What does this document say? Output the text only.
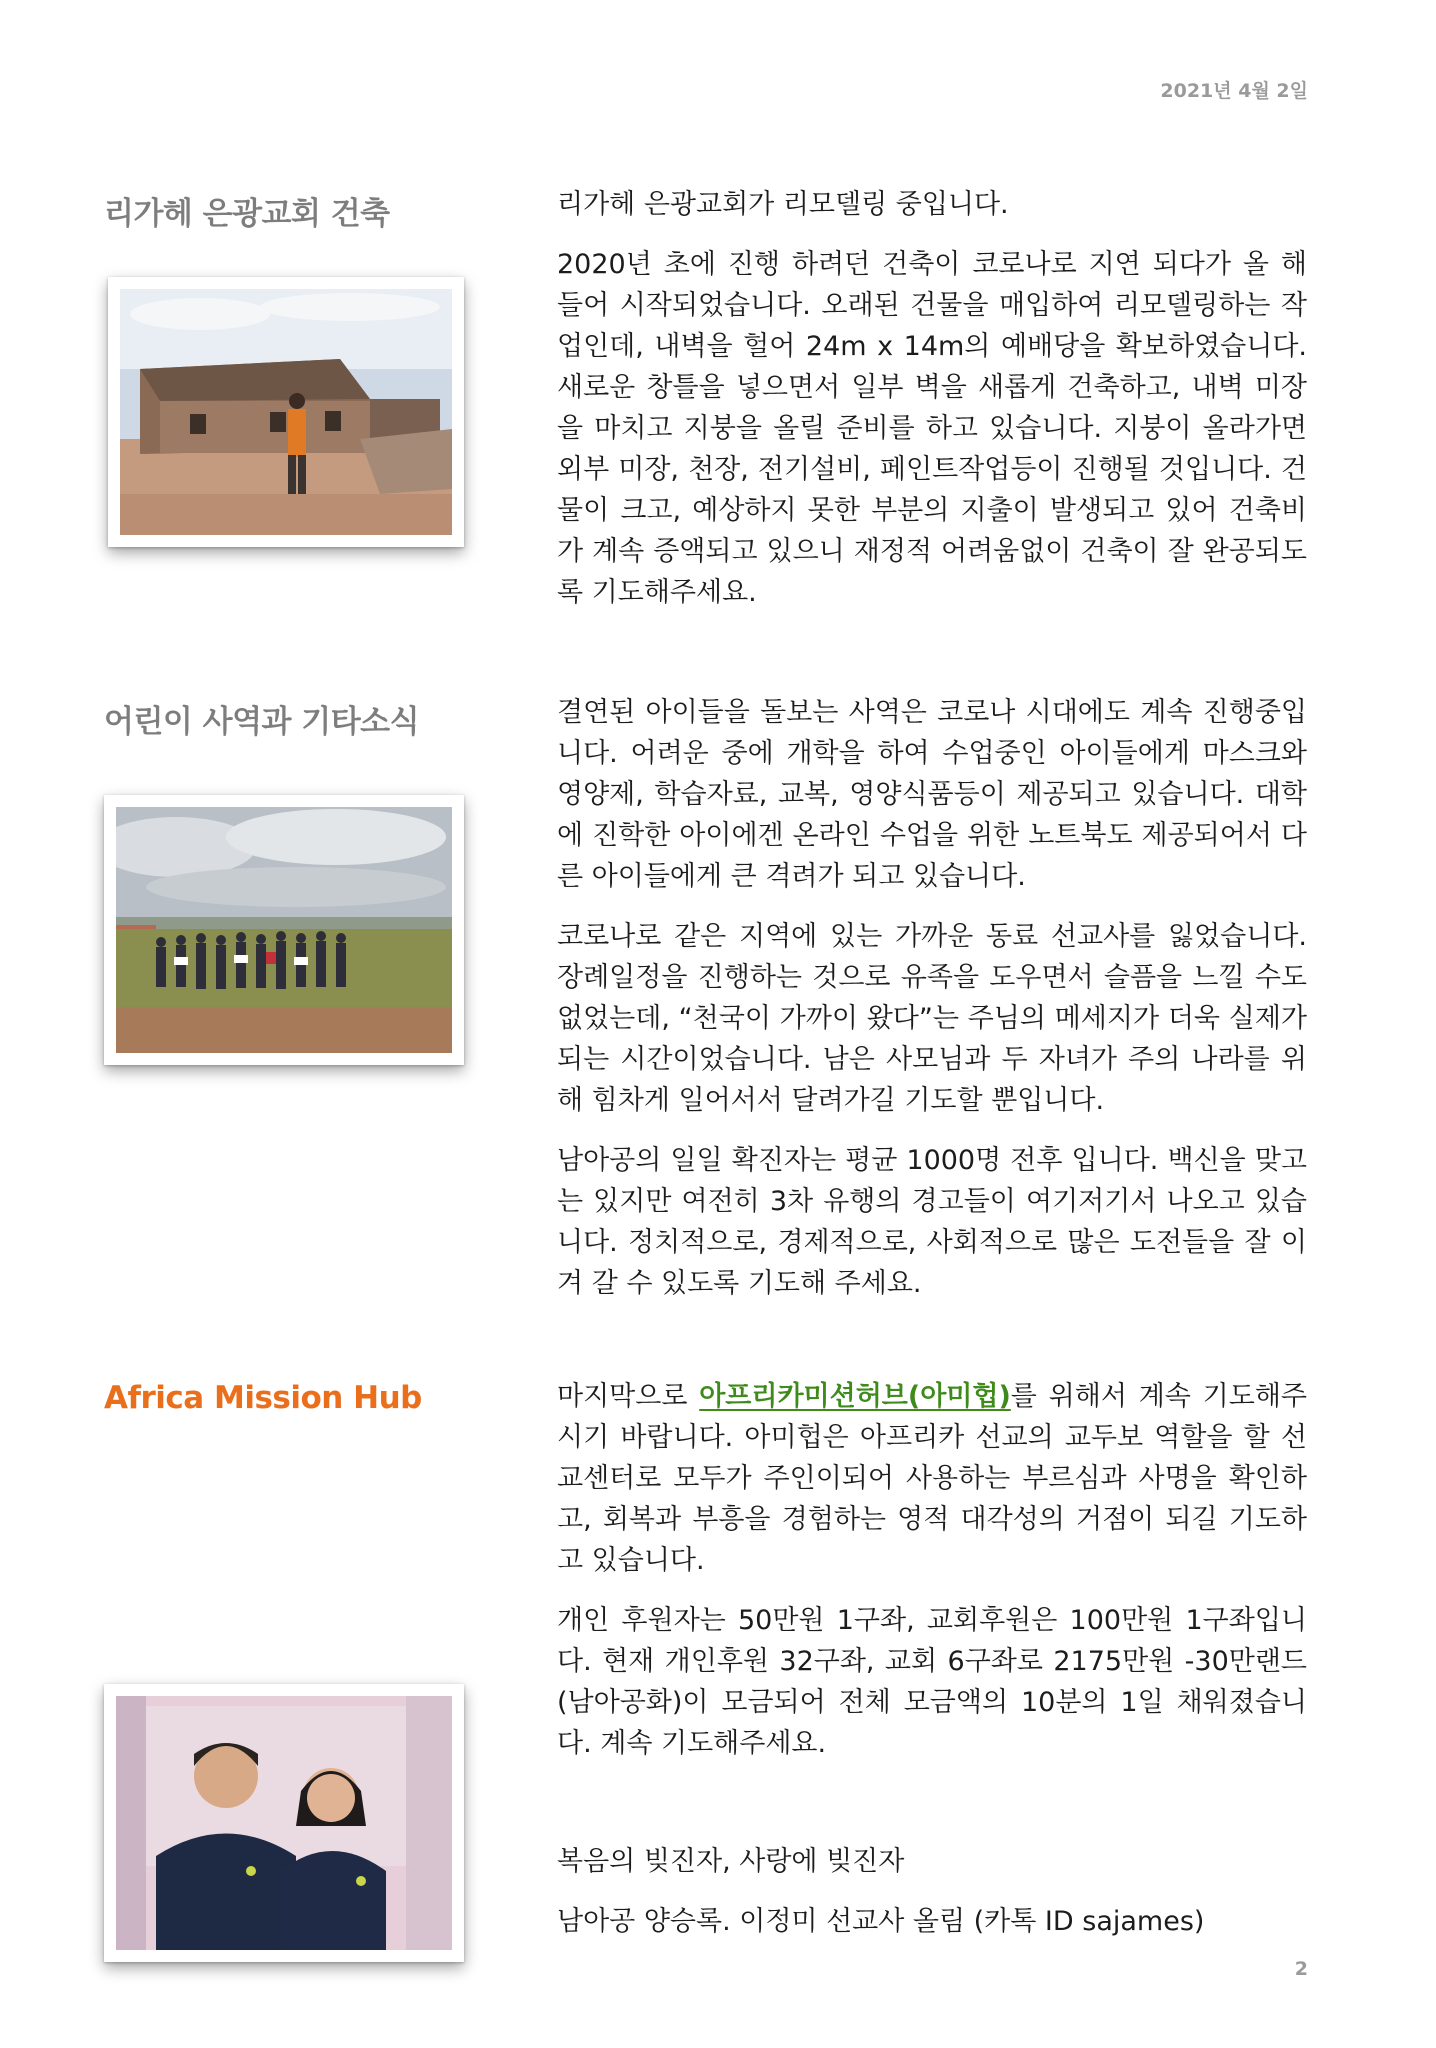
2021년 4월 2일
리가헤 은광교회 건축	리가헤 은광교회가 리모델링 중입니다.

2020년 초에 진행 하려던 건축이 코로나로 지연 되다가 올 해 들어 시작되었습니다. 오래된 건물을 매입하여 리모델링하는 작업인데, 내벽을 헐어 24m x 14m의 예배당을 확보하였습니다. 새로운 창틀을 넣으면서 일부 벽을 새롭게 건축하고, 내벽 미장을 마치고 지붕을 올릴 준비를 하고 있습니다. 지붕이 올라가면 외부 미장, 천장, 전기설비, 페인트작업등이 진행될 것입니다. 건물이 크고, 예상하지 못한 부분의 지출이 발생되고 있어 건축비가 계속 증액되고 있으니 재정적 어려움없이 건축이 잘 완공되도록 기도해주세요.

어린이 사역과 기타소식	결연된 아이들을 돌보는 사역은 코로나 시대에도 계속 진행중입니다. 어려운 중에 개학을 하여 수업중인 아이들에게 마스크와 영양제, 학습자료, 교복, 영양식품등이 제공되고 있습니다. 대학에 진학한 아이에겐 온라인 수업을 위한 노트북도 제공되어서 다른 아이들에게 큰 격려가 되고 있습니다.

코로나로 같은 지역에 있는 가까운 동료 선교사를 잃었습니다. 장례일정을 진행하는 것으로 유족을 도우면서 슬픔을 느낄 수도 없었는데, “천국이 가까이 왔다”는 주님의 메세지가 더욱 실제가 되는 시간이었습니다. 남은 사모님과 두 자녀가 주의 나라를 위해 힘차게 일어서서 달려가길 기도할 뿐입니다.

남아공의 일일 확진자는 평균 1000명 전후 입니다. 백신을 맞고는 있지만 여전히 3차 유행의 경고들이 여기저기서 나오고 있습니다. 정치적으로, 경제적으로, 사회적으로 많은 도전들을 잘 이겨 갈 수 있도록 기도해 주세요.

Africa Mission Hub	마지막으로 아프리카미션허브(아미헙)를 위해서 계속 기도해주시기 바랍니다. 아미헙은 아프리카 선교의 교두보 역할을 할 선교센터로 모두가 주인이되어 사용하는 부르심과 사명을 확인하고, 회복과 부흥을 경험하는 영적 대각성의 거점이 되길 기도하고 있습니다.

개인 후원자는 50만원 1구좌, 교회후원은 100만원 1구좌입니다. 현재 개인후원 32구좌, 교회 6구좌로 2175만원 -30만랜드(남아공화)이 모금되어 전체 모금액의 10분의 1일 채워졌습니다. 계속 기도해주세요.

복음의 빚진자, 사랑에 빚진자

남아공 양승록. 이정미 선교사 올림 (카톡 ID sajames)

2
